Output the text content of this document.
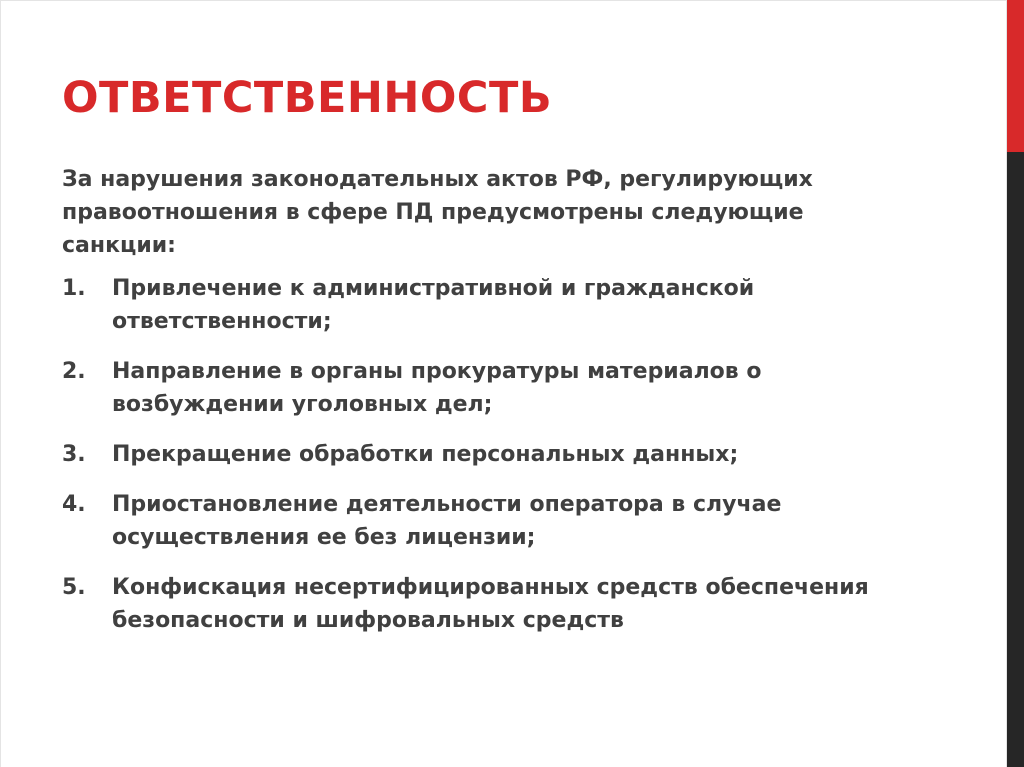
ОТВЕТСТВЕННОСТЬ

За нарушения законодательных актов РФ, регулирующих правоотношения в сфере ПД предусмотрены следующие санкции:

1. Привлечение к административной и гражданской ответственности;
2. Направление в органы прокуратуры материалов о возбуждении уголовных дел;
3. Прекращение обработки персональных данных;
4. Приостановление деятельности оператора в случае осуществления ее без лицензии;
5. Конфискация несертифицированных средств обеспечения безопасности и шифровальных средств
